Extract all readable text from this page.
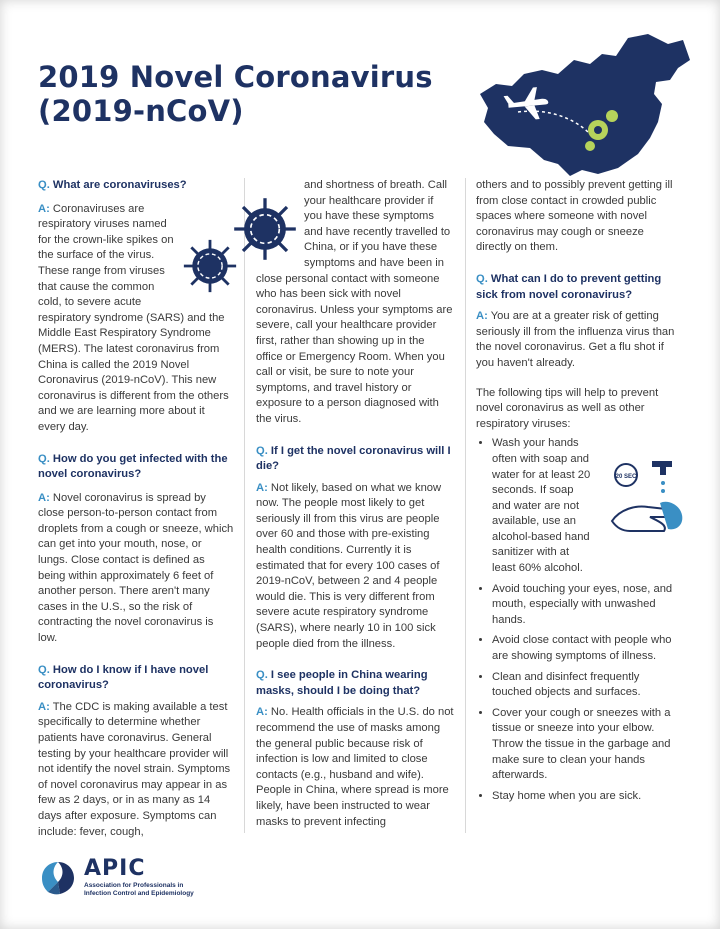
2019 Novel Coronavirus
(2019-nCoV)

Q. What are coronaviruses?

A: Coronaviruses are respiratory viruses named for the crown-like spikes on the surface of the virus. These range from viruses that cause the common cold, to severe acute respiratory syndrome (SARS) and the Middle East Respiratory Syndrome (MERS). The latest coronavirus from China is called the 2019 Novel Coronavirus (2019-nCoV). This new coronavirus is different from the others and we are learning more about it every day.

Q. How do you get infected with the novel coronavirus?

A: Novel coronavirus is spread by close person-to-person contact from droplets from a cough or sneeze, which can get into your mouth, nose, or lungs. Close contact is defined as being within approximately 6 feet of another person. There aren't many cases in the U.S., so the risk of contracting the novel coronavirus is low.

Q. How do I know if I have novel coronavirus?

A: The CDC is making available a test specifically to determine whether patients have coronavirus. General testing by your healthcare provider will not identify the novel strain. Symptoms of novel coronavirus may appear in as few as 2 days, or in as many as 14 days after exposure. Symptoms can include: fever, cough,

and shortness of breath. Call your healthcare provider if you have these symptoms and have recently travelled to China, or if you have these symptoms and have been in close personal contact with someone who has been sick with novel coronavirus. Unless your symptoms are severe, call your healthcare provider first, rather than showing up in the office or Emergency Room. When you call or visit, be sure to note your symptoms, and travel history or exposure to a person diagnosed with the virus.

Q. If I get the novel coronavirus will I die?

A: Not likely, based on what we know now. The people most likely to get seriously ill from this virus are people over 60 and those with pre-existing health conditions. Currently it is estimated that for every 100 cases of 2019-nCoV, between 2 and 4 people would die. This is very different from severe acute respiratory syndrome (SARS), where nearly 10 in 100 sick people died from the illness.

Q. I see people in China wearing masks, should I be doing that?

A: No. Health officials in the U.S. do not recommend the use of masks among the general public because risk of infection is low and limited to close contacts (e.g., husband and wife). People in China, where spread is more likely, have been instructed to wear masks to prevent infecting

others and to possibly prevent getting ill from close contact in crowded public spaces where someone with novel coronavirus may cough or sneeze directly on them.

Q. What can I do to prevent getting sick from novel coronavirus?

A: You are at a greater risk of getting seriously ill from the influenza virus than the novel coronavirus. Get a flu shot if you haven't already.

The following tips will help to prevent novel coronavirus as well as other respiratory viruses:

• Wash your hands often with soap and water for at least 20 seconds. If soap and water are not available, use an alcohol-based hand sanitizer with at least 60% alcohol.
• Avoid touching your eyes, nose, and mouth, especially with unwashed hands.
• Avoid close contact with people who are showing symptoms of illness.
• Clean and disinfect frequently touched objects and surfaces.
• Cover your cough or sneezes with a tissue or sneeze into your elbow. Throw the tissue in the garbage and make sure to clean your hands afterwards.
• Stay home when you are sick.
20 SEC
APIC
Association for Professionals in
Infection Control and Epidemiology
